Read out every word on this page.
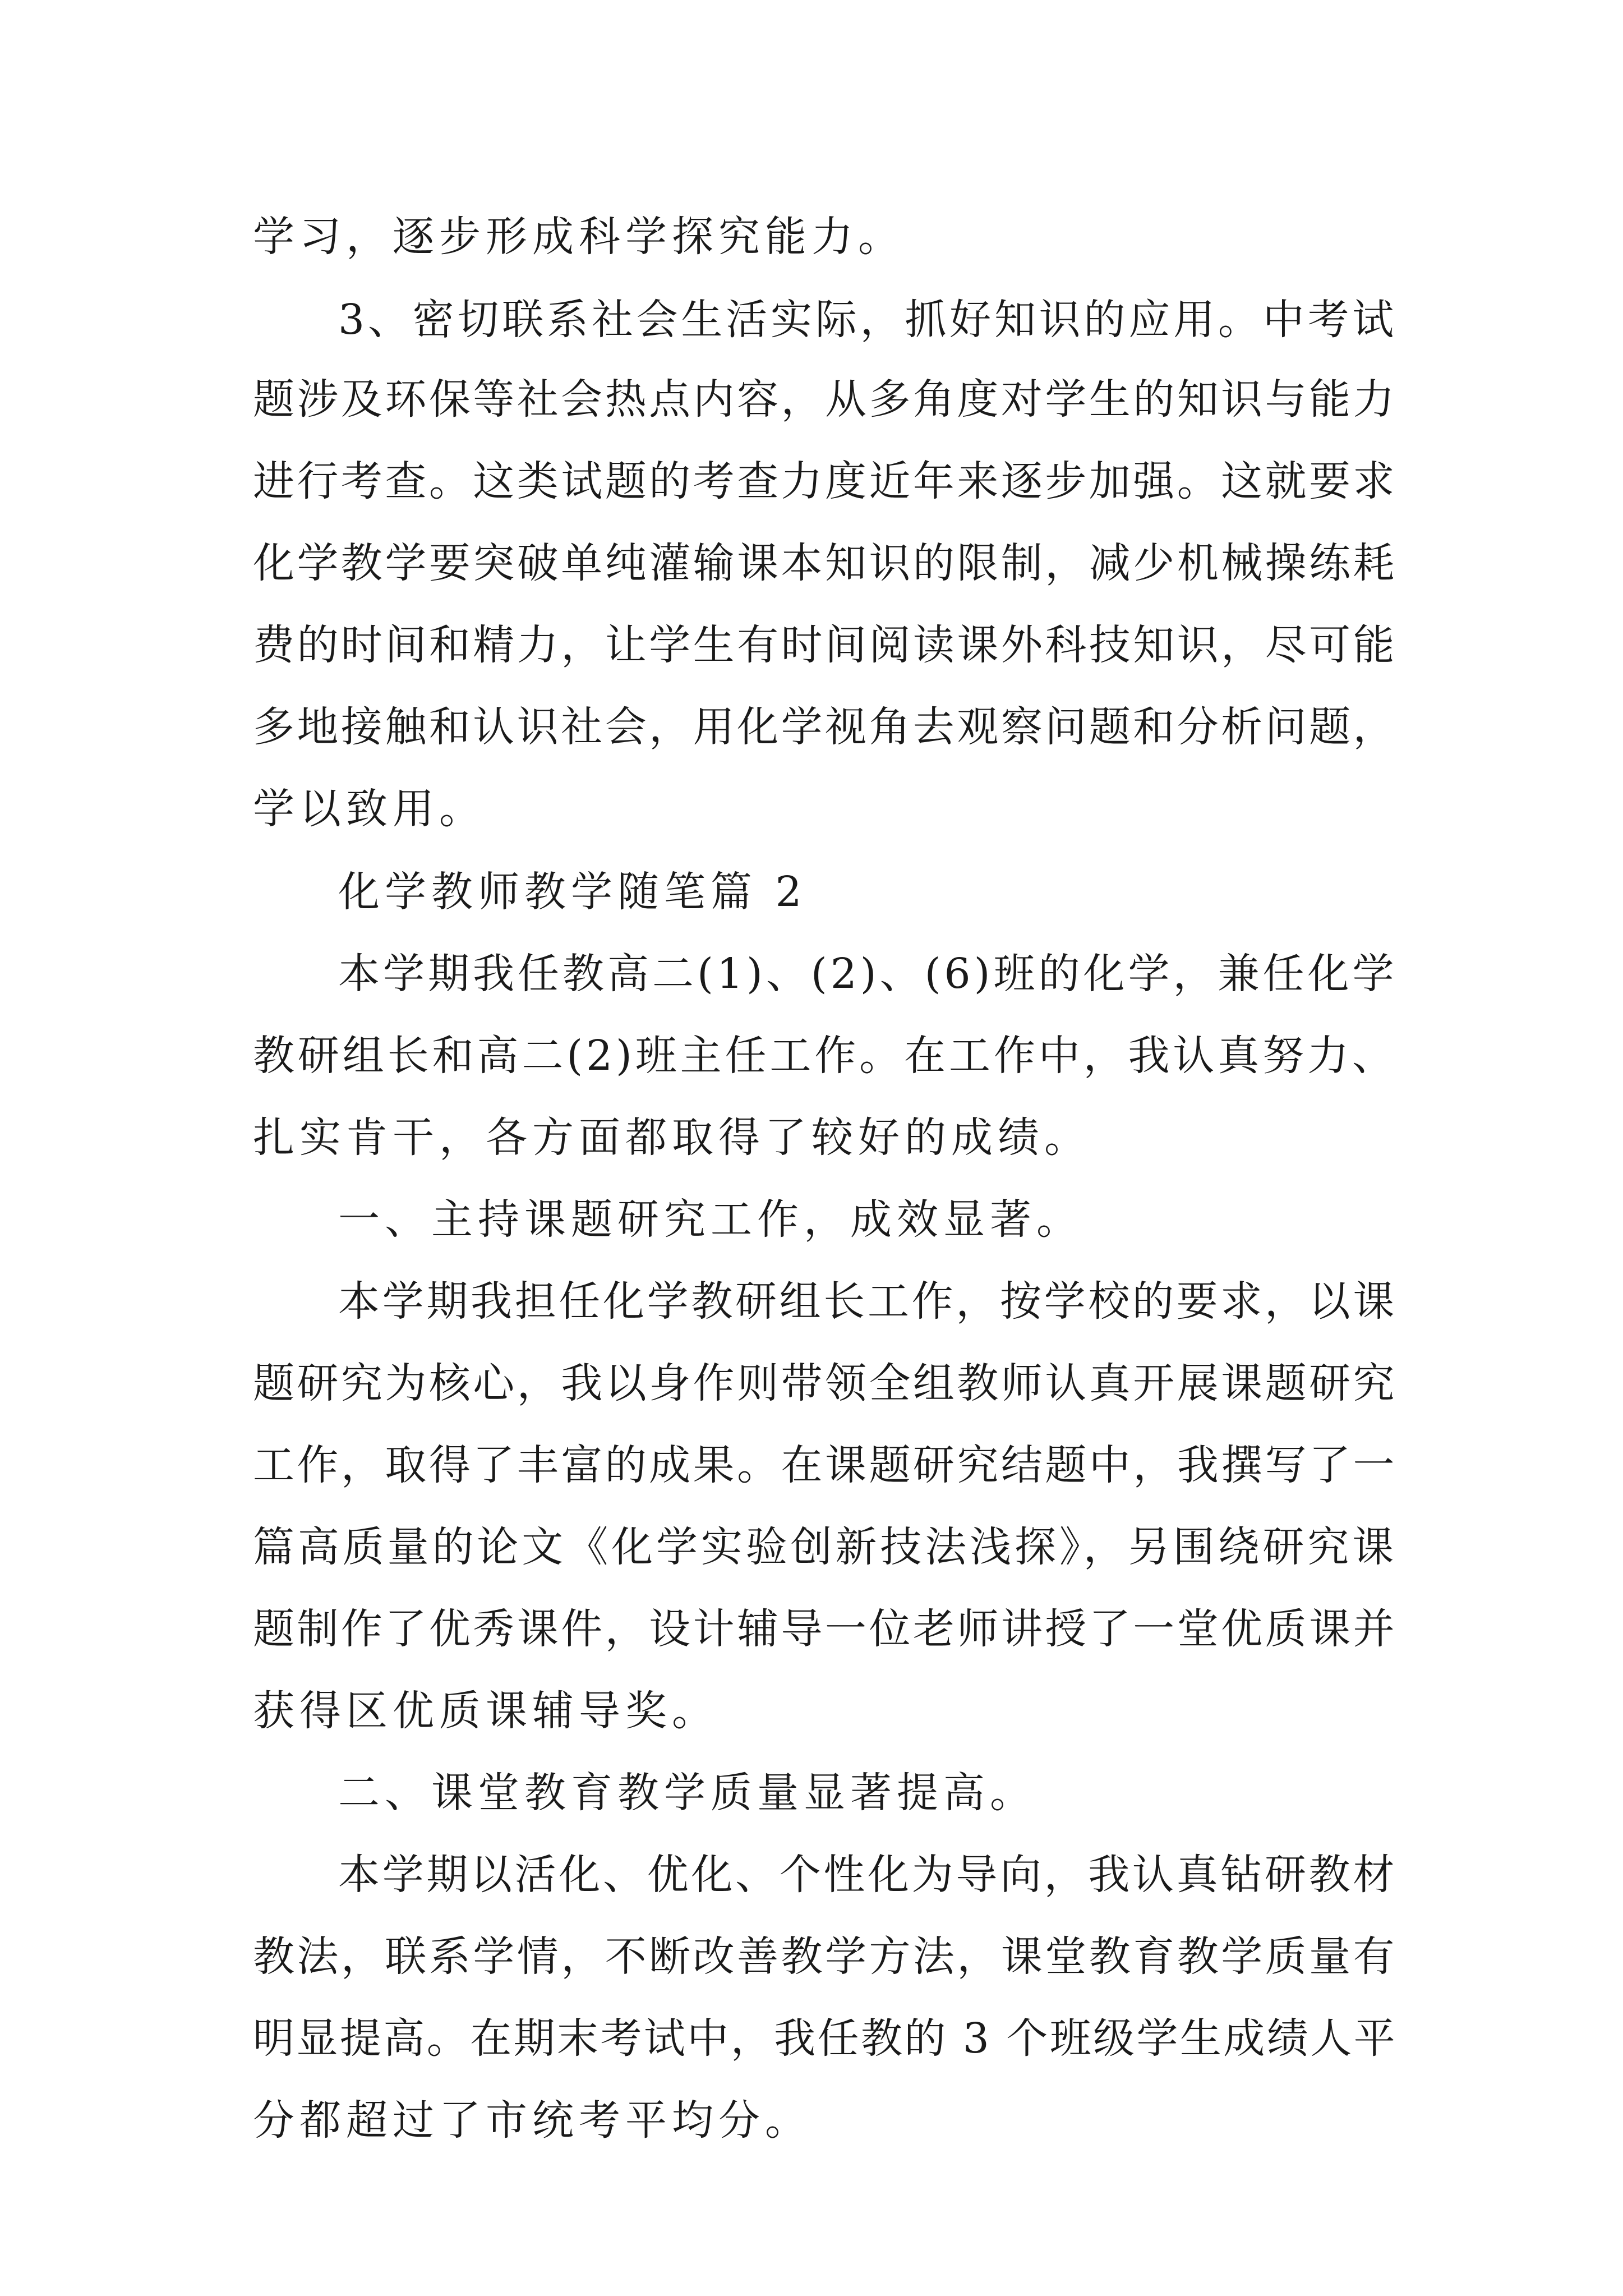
学习，逐步形成科学探究能力。

3、密切联系社会生活实际，抓好知识的应用。中考试

题涉及环保等社会热点内容，从多角度对学生的知识与能力

进行考查。这类试题的考查力度近年来逐步加强。这就要求

化学教学要突破单纯灌输课本知识的限制，减少机械操练耗

费的时间和精力，让学生有时间阅读课外科技知识，尽可能

多地接触和认识社会，用化学视角去观察问题和分析问题，

学以致用。

化学教师教学随笔篇 2

本学期我任教高二(1)、(2)、(6)班的化学，兼任化学

教研组长和高二(2)班主任工作。在工作中，我认真努力、

扎实肯干，各方面都取得了较好的成绩。

一、主持课题研究工作，成效显著。

本学期我担任化学教研组长工作，按学校的要求，以课

题研究为核心，我以身作则带领全组教师认真开展课题研究

工作，取得了丰富的成果。在课题研究结题中，我撰写了一

篇高质量的论文《化学实验创新技法浅探》，另围绕研究课

题制作了优秀课件，设计辅导一位老师讲授了一堂优质课并

获得区优质课辅导奖。

二、课堂教育教学质量显著提高。

本学期以活化、优化、个性化为导向，我认真钻研教材

教法，联系学情，不断改善教学方法，课堂教育教学质量有

明显提高。在期末考试中，我任教的 3 个班级学生成绩人平

分都超过了市统考平均分。
